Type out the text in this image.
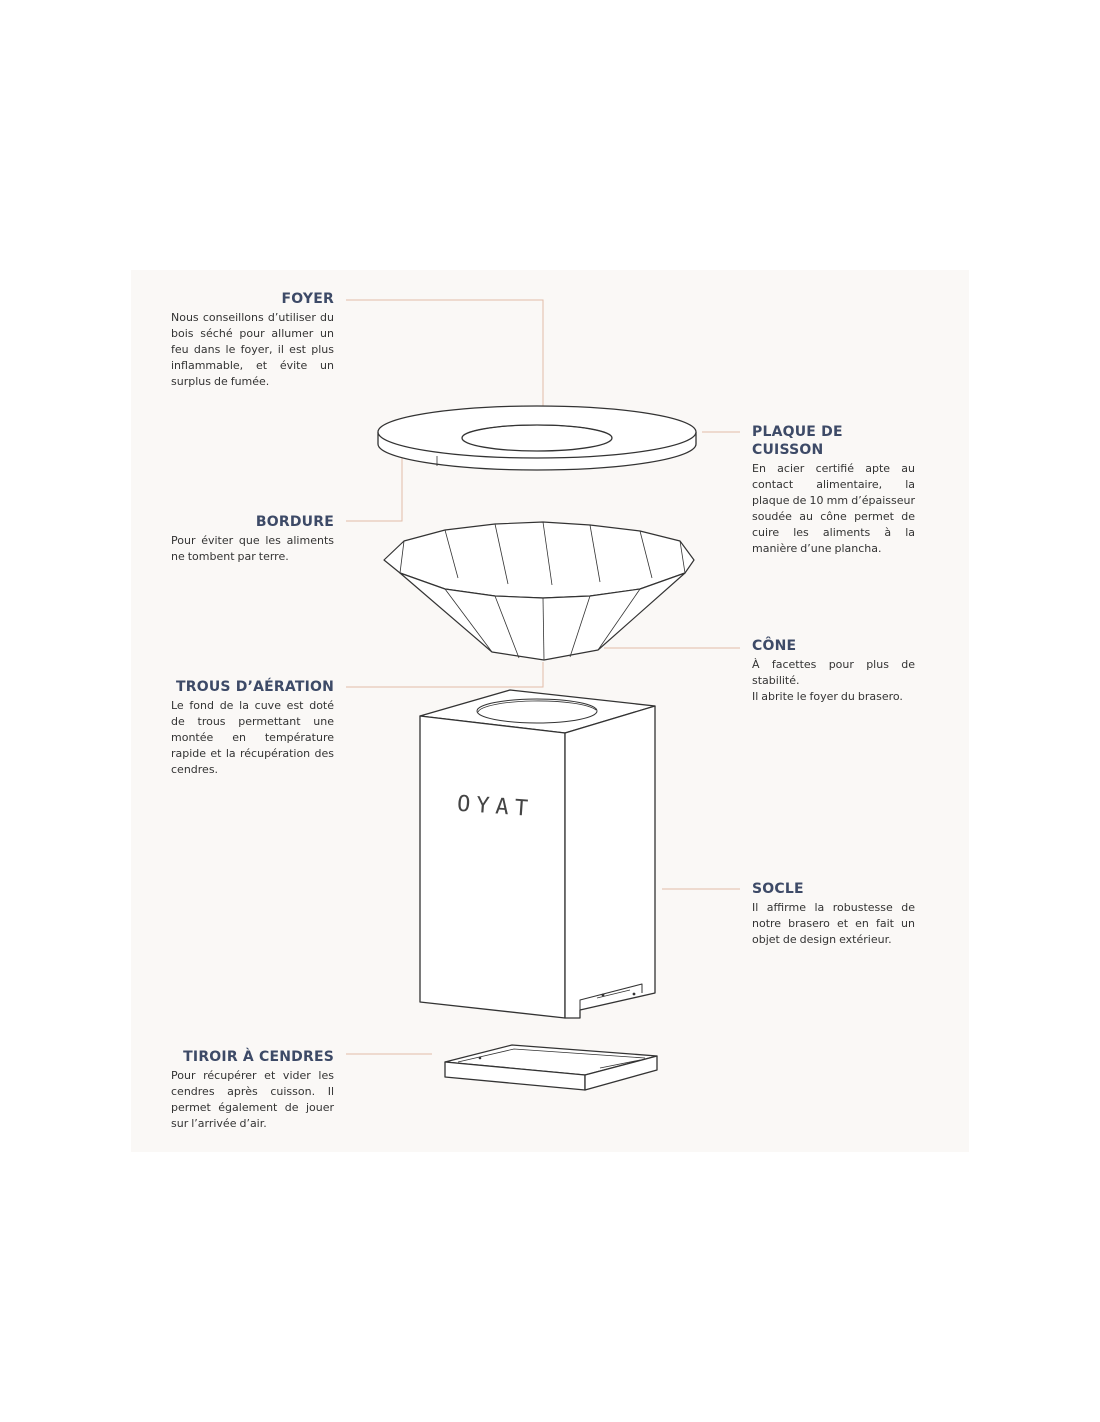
OYAT
FOYER

Nous conseillons d’utiliser du bois séché pour allumer un feu dans le foyer, il est plus inflammable, et évite un surplus de fumée.

PLAQUE DE CUISSON

En acier certifié apte au contact alimentaire, la plaque de 10 mm d’épaisseur soudée au cône permet de cuire les aliments à la manière d’une plancha.

BORDURE

Pour éviter que les aliments ne tombent par terre.

CÔNE

À facettes pour plus de stabilité.

Il abrite le foyer du brasero.

TROUS D’AÉRATION

Le fond de la cuve est doté de trous permettant une montée en température rapide et la récupération des cendres.

SOCLE

Il affirme la robustesse de notre brasero et en fait un objet de design extérieur.

TIROIR À CENDRES

Pour récupérer et vider les cendres après cuisson. Il permet également de jouer sur l’arrivée d’air.
